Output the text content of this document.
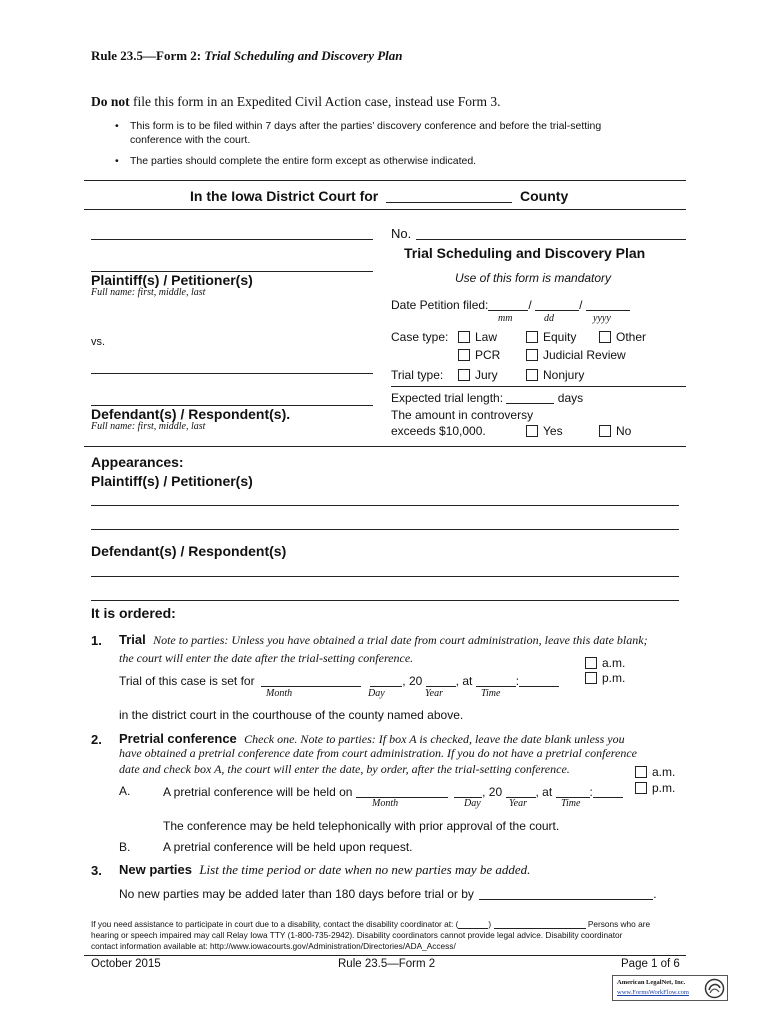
Rule 23.5—Form 2: Trial Scheduling and Discovery Plan
Do not file this form in an Expedited Civil Action case, instead use Form 3.
• This form is to be filed within 7 days after the parties’ discovery conference and before the trial-setting
conference with the court.
• The parties should complete the entire form except as otherwise indicated.
In the Iowa District Court for	County
Plaintiff(s) / Petitioner(s)
Full name: first, middle, last
vs.
Defendant(s) / Respondent(s).
Full name: first, middle, last
No.
Trial Scheduling and Discovery Plan
Use of this form is mandatory
Date Petition filed:	/	/
mm	dd	yyyy
Case type:	Law	Equity	Other
PCR	Judicial Review
Trial type:	Jury	Nonjury
Expected trial length:	days
The amount in controversy
exceeds $10,000.	Yes	No
Appearances:
Plaintiff(s) / Petitioner(s)
Defendant(s) / Respondent(s)
It is ordered:
1. Trial Note to parties: Unless you have obtained a trial date from court administration, leave this date blank;
the court will enter the date after the trial-setting conference.	a.m.
p.m.
Trial of this case is set for	, 20	, at	:
Month	Day	Year	Time
in the district court in the courthouse of the county named above.
2. Pretrial conference Check one. Note to parties: If box A is checked, leave the date blank unless you
have obtained a pretrial conference date from court administration. If you do not have a pretrial conference
date and check box A, the court will enter the date, by order, after the trial-setting conference.	a.m.
p.m.
A.	A pretrial conference will be held on	, 20	, at	:
Month	Day	Year	Time
The conference may be held telephonically with prior approval of the court.
B.	A pretrial conference will be held upon request.
3. New parties List the time period or date when no new parties may be added.
No new parties may be added later than 180 days before trial or by	.
If you need assistance to participate in court due to a disability, contact the disability coordinator at: (	)	Persons who are
hearing or speech impaired may call Relay Iowa TTY (1-800-735-2942). Disability coordinators cannot provide legal advice. Disability coordinator
contact information available at: http://www.iowacourts.gov/Administration/Directories/ADA_Access/
October 2015	Rule 23.5—Form 2	Page 1 of 6
American LegalNet, Inc.
www.FormsWorkFlow.com
